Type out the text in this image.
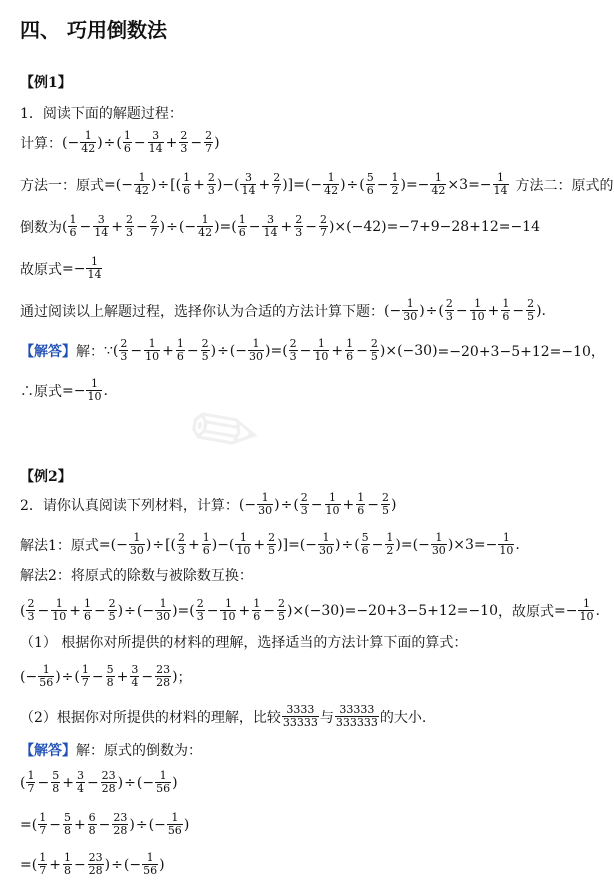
✎
四、 巧用倒数法
【例1】
1．阅读下面的解题过程：
计算： (− $\frac{1}{42}$ ) ÷ ( $\frac{1}{6} - \frac{3}{14} + \frac{2}{3} - \frac{2}{7}$ )
方法一：原式 = (− $\frac{1}{42}$ ) ÷ [( $\frac{1}{6} + \frac{2}{3}$ )−( $\frac{3}{14} + \frac{2}{7}$ )] = (− $\frac{1}{42}$ ) ÷ ( $\frac{5}{6} - \frac{1}{2}$ ) =− $\frac{1}{42} \times 3 =- \frac{1}{14}$ 方法二：原式的
倒数为 ( $\frac{1}{6} - \frac{3}{14} + \frac{2}{3} - \frac{2}{7}$ ) ÷ (− $\frac{1}{42}$ ) = ( $\frac{1}{6} - \frac{3}{14} + \frac{2}{3} - \frac{2}{7}$ ) ×(−42) =−7+9−28+12=−14
故原式 =− $\frac{1}{14}$
通过阅读以上解题过程，选择你认为合适的方法计算下题： (− $\frac{1}{30}$ ) ÷ ( $\frac{2}{3} - \frac{1}{10} + \frac{1}{6} - \frac{2}{5}$ ) .
【解答】 解： ∵ ( $\frac{2}{3} - \frac{1}{10} + \frac{1}{6} - \frac{2}{5}$ ) ÷ (− $\frac{1}{30}$ ) = ( $\frac{2}{3} - \frac{1}{10} + \frac{1}{6} - \frac{2}{5}$ ) ×(−30) =−20+3−5+12=−10，
∴原式 =− $\frac{1}{10}$ .
【例2】
2．请你认真阅读下列材料，计算： (− $\frac{1}{30}$ ) ÷ ( $\frac{2}{3} - \frac{1}{10} + \frac{1}{6} - \frac{2}{5}$ )
解法1：原式 = (− $\frac{1}{30}$ ) ÷ [( $\frac{2}{3} + \frac{1}{6}$ )−( $\frac{1}{10} + \frac{2}{5}$ )] = (− $\frac{1}{30}$ ) ÷ ( $\frac{5}{6} - \frac{1}{2}$ ) = (− $\frac{1}{30}$ ) $\times 3 =- \frac{1}{10}$ .
解法2：将原式的除数与被除数互换：
( $\frac{2}{3} - \frac{1}{10} + \frac{1}{6} - \frac{2}{5}$ ) ÷ (− $\frac{1}{30}$ ) = ( $\frac{2}{3} - \frac{1}{10} + \frac{1}{6} - \frac{2}{5}$ ) ×(−30) =−20+3−5+12=−10 ，故原式 =− $\frac{1}{10}$ .
（1） 根据你对所提供的材料的理解，选择适当的方法计算下面的算式：
(− $\frac{1}{56}$ ) ÷ ( $\frac{1}{7} - \frac{5}{8} + \frac{3}{4} - \frac{23}{28}$ ) ；
（2）根据你对所提供的材料的理解，比较 $\frac{3333}{33333}$ 与 $\frac{33333}{333333}$ 的大小.
【解答】 解：原式的倒数为：
( $\frac{1}{7} - \frac{5}{8} + \frac{3}{4} - \frac{23}{28}$ ) ÷ (− $\frac{1}{56}$ )
= ( $\frac{1}{7} - \frac{5}{8} + \frac{6}{8} - \frac{23}{28}$ ) ÷ (− $\frac{1}{56}$ )
= ( $\frac{1}{7} + \frac{1}{8} - \frac{23}{28}$ ) ÷ (− $\frac{1}{56}$ )
